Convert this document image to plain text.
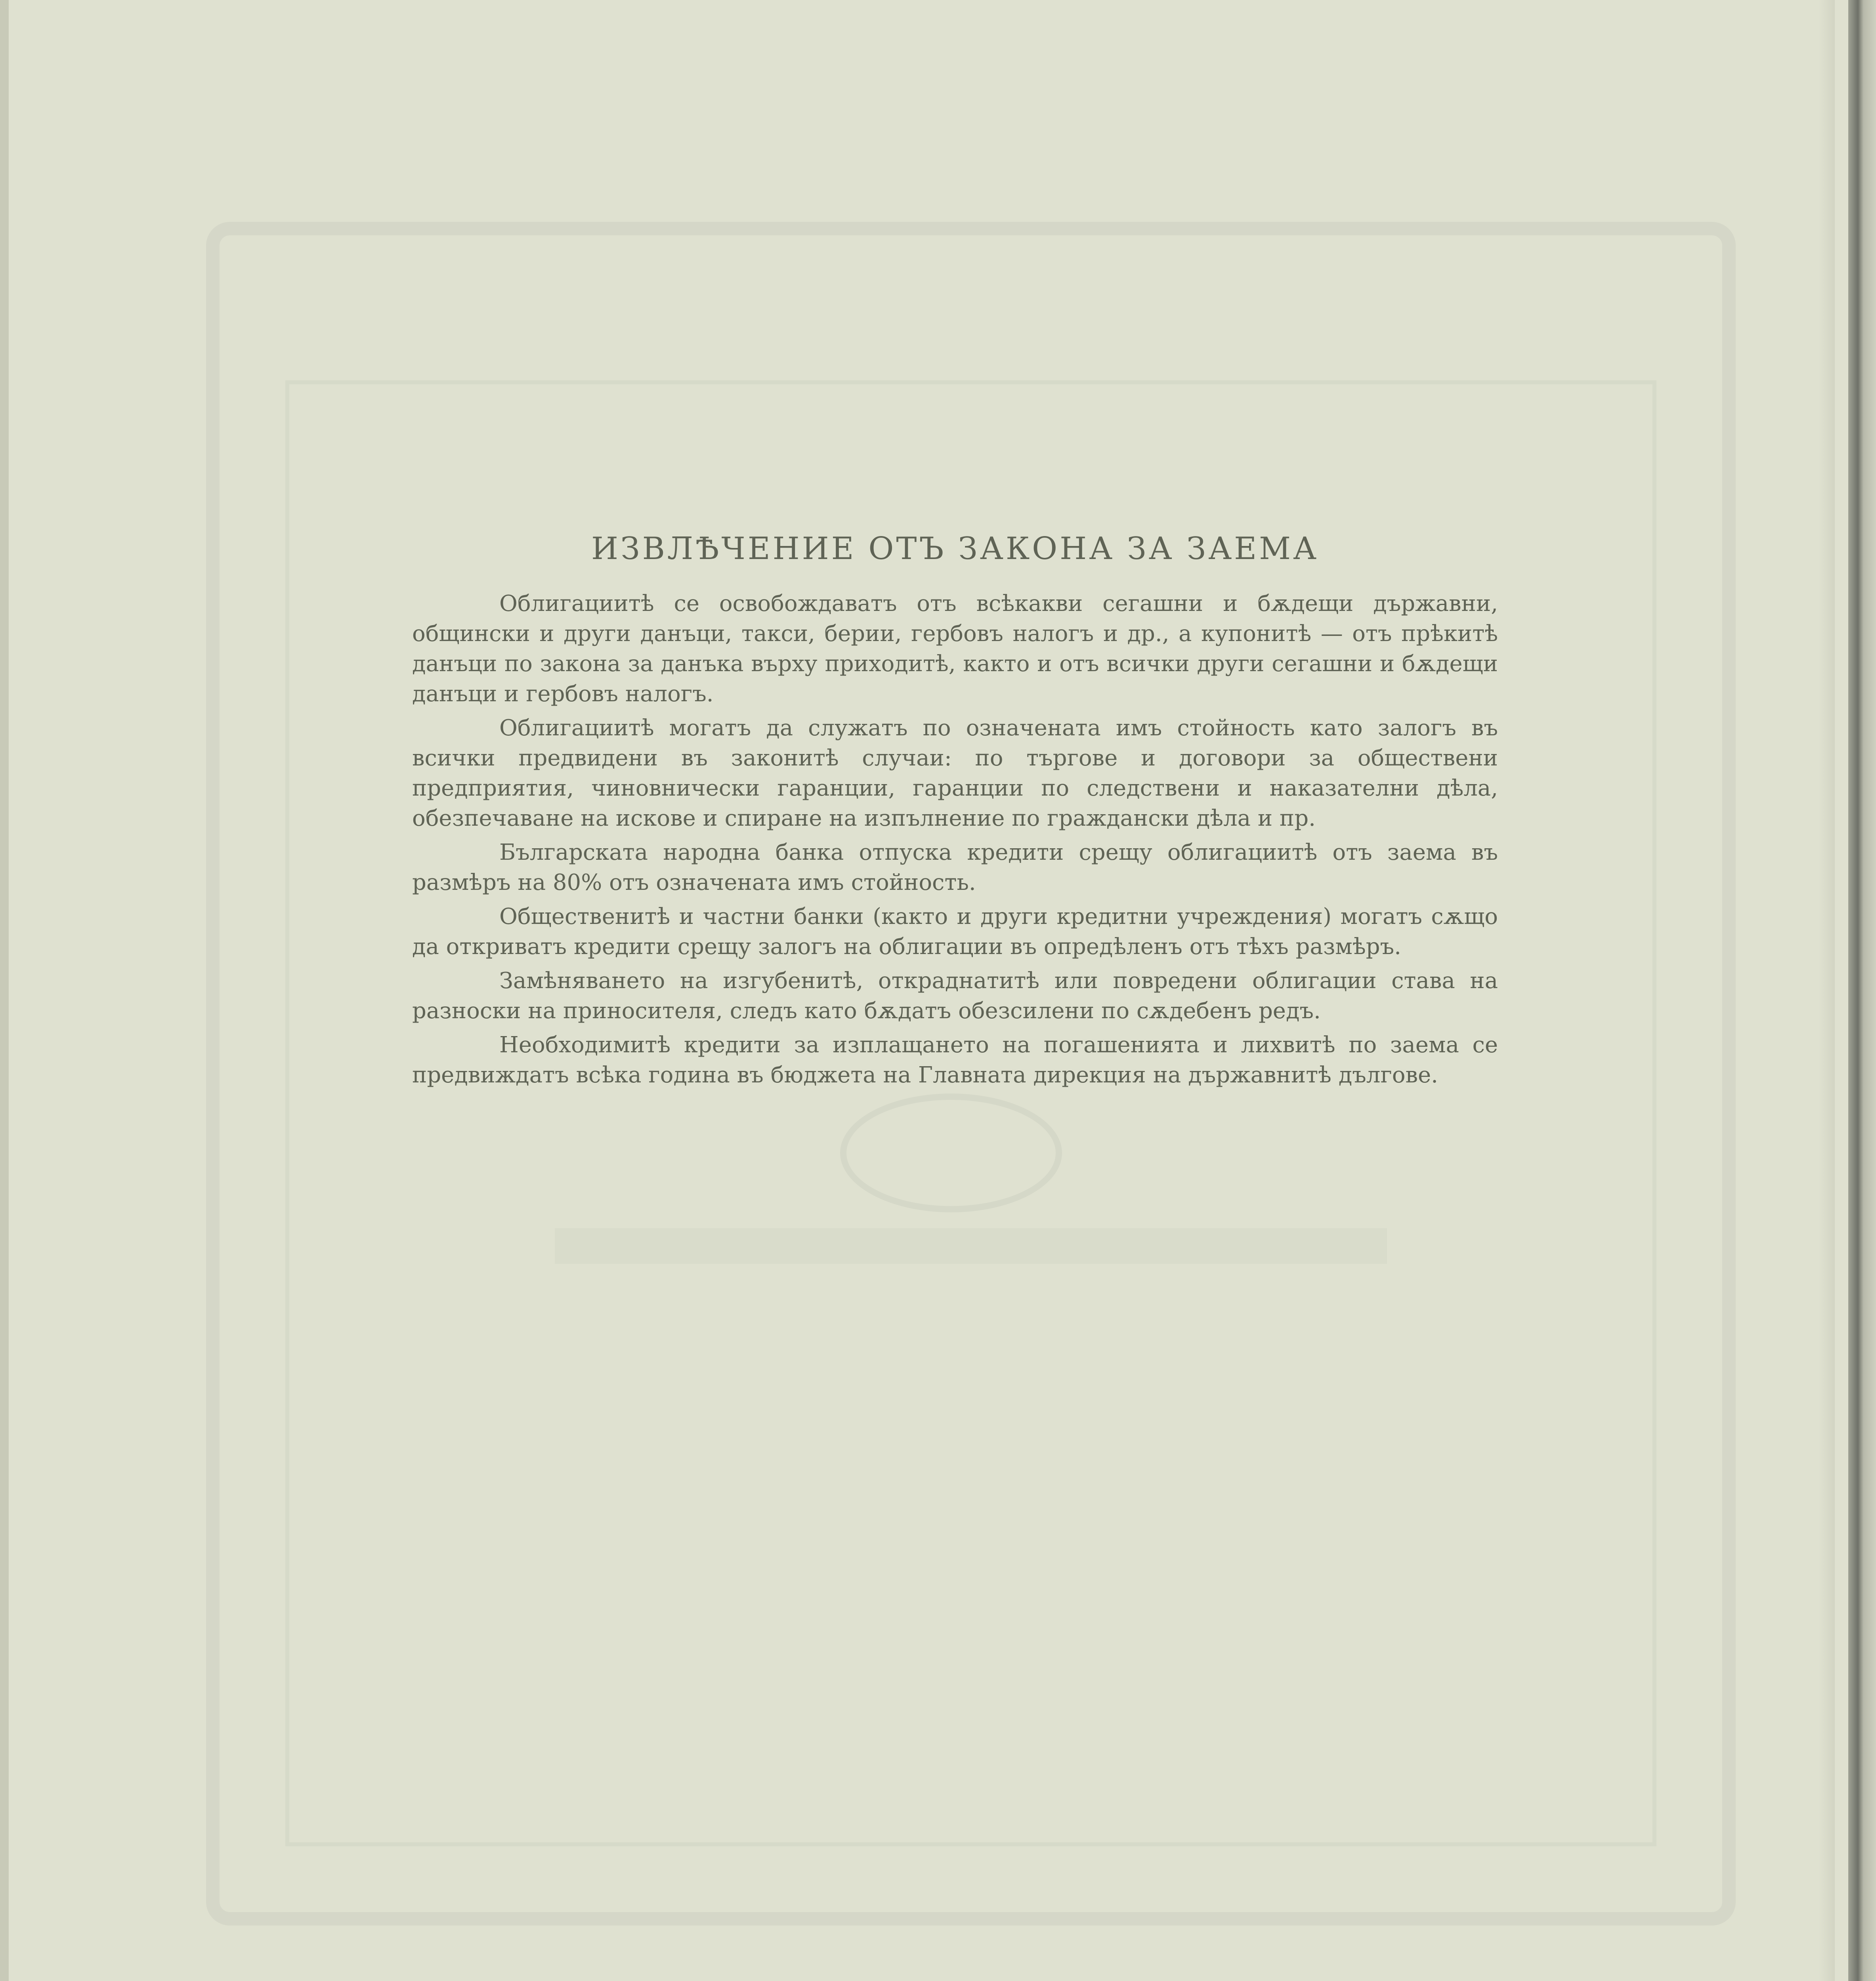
ИЗВЛѢЧЕНИЕ ОТЪ ЗАКОНА ЗА ЗАЕМА

Облигациитѣ се освобождаватъ отъ всѣкакви сегашни и бѫдещи държавни, общински и други данъци, такси, берии, гербовъ налогъ и др., а купонитѣ — отъ прѣкитѣ данъци по закона за данъка върху приходитѣ, както и отъ всички други сегашни и бѫдещи данъци и гербовъ налогъ.

Облигациитѣ могатъ да служатъ по означената имъ стойность като залогъ въ всички предвидени въ законитѣ случаи: по търгове и договори за обществени предприятия, чиновнически гаранции, гаранции по следствени и наказателни дѣла, обезпечаване на искове и спиране на изпълнение по граждански дѣла и пр.

Българската народна банка отпуска кредити срещу облигациитѣ отъ заема въ размѣръ на 80% отъ означената имъ стойность.

Общественитѣ и частни банки (както и други кредитни учреждения) могатъ сѫщо да откриватъ кредити срещу залогъ на облигации въ опредѣленъ отъ тѣхъ размѣръ.

Замѣняването на изгубенитѣ, откраднатитѣ или повредени облигации става на разноски на приносителя, следъ като бѫдатъ обезсилени по сѫдебенъ редъ.

Необходимитѣ кредити за изплащането на погашенията и лихвитѣ по заема се предвиждатъ всѣка година въ бюджета на Главната дирекция на държавнитѣ дългове.
